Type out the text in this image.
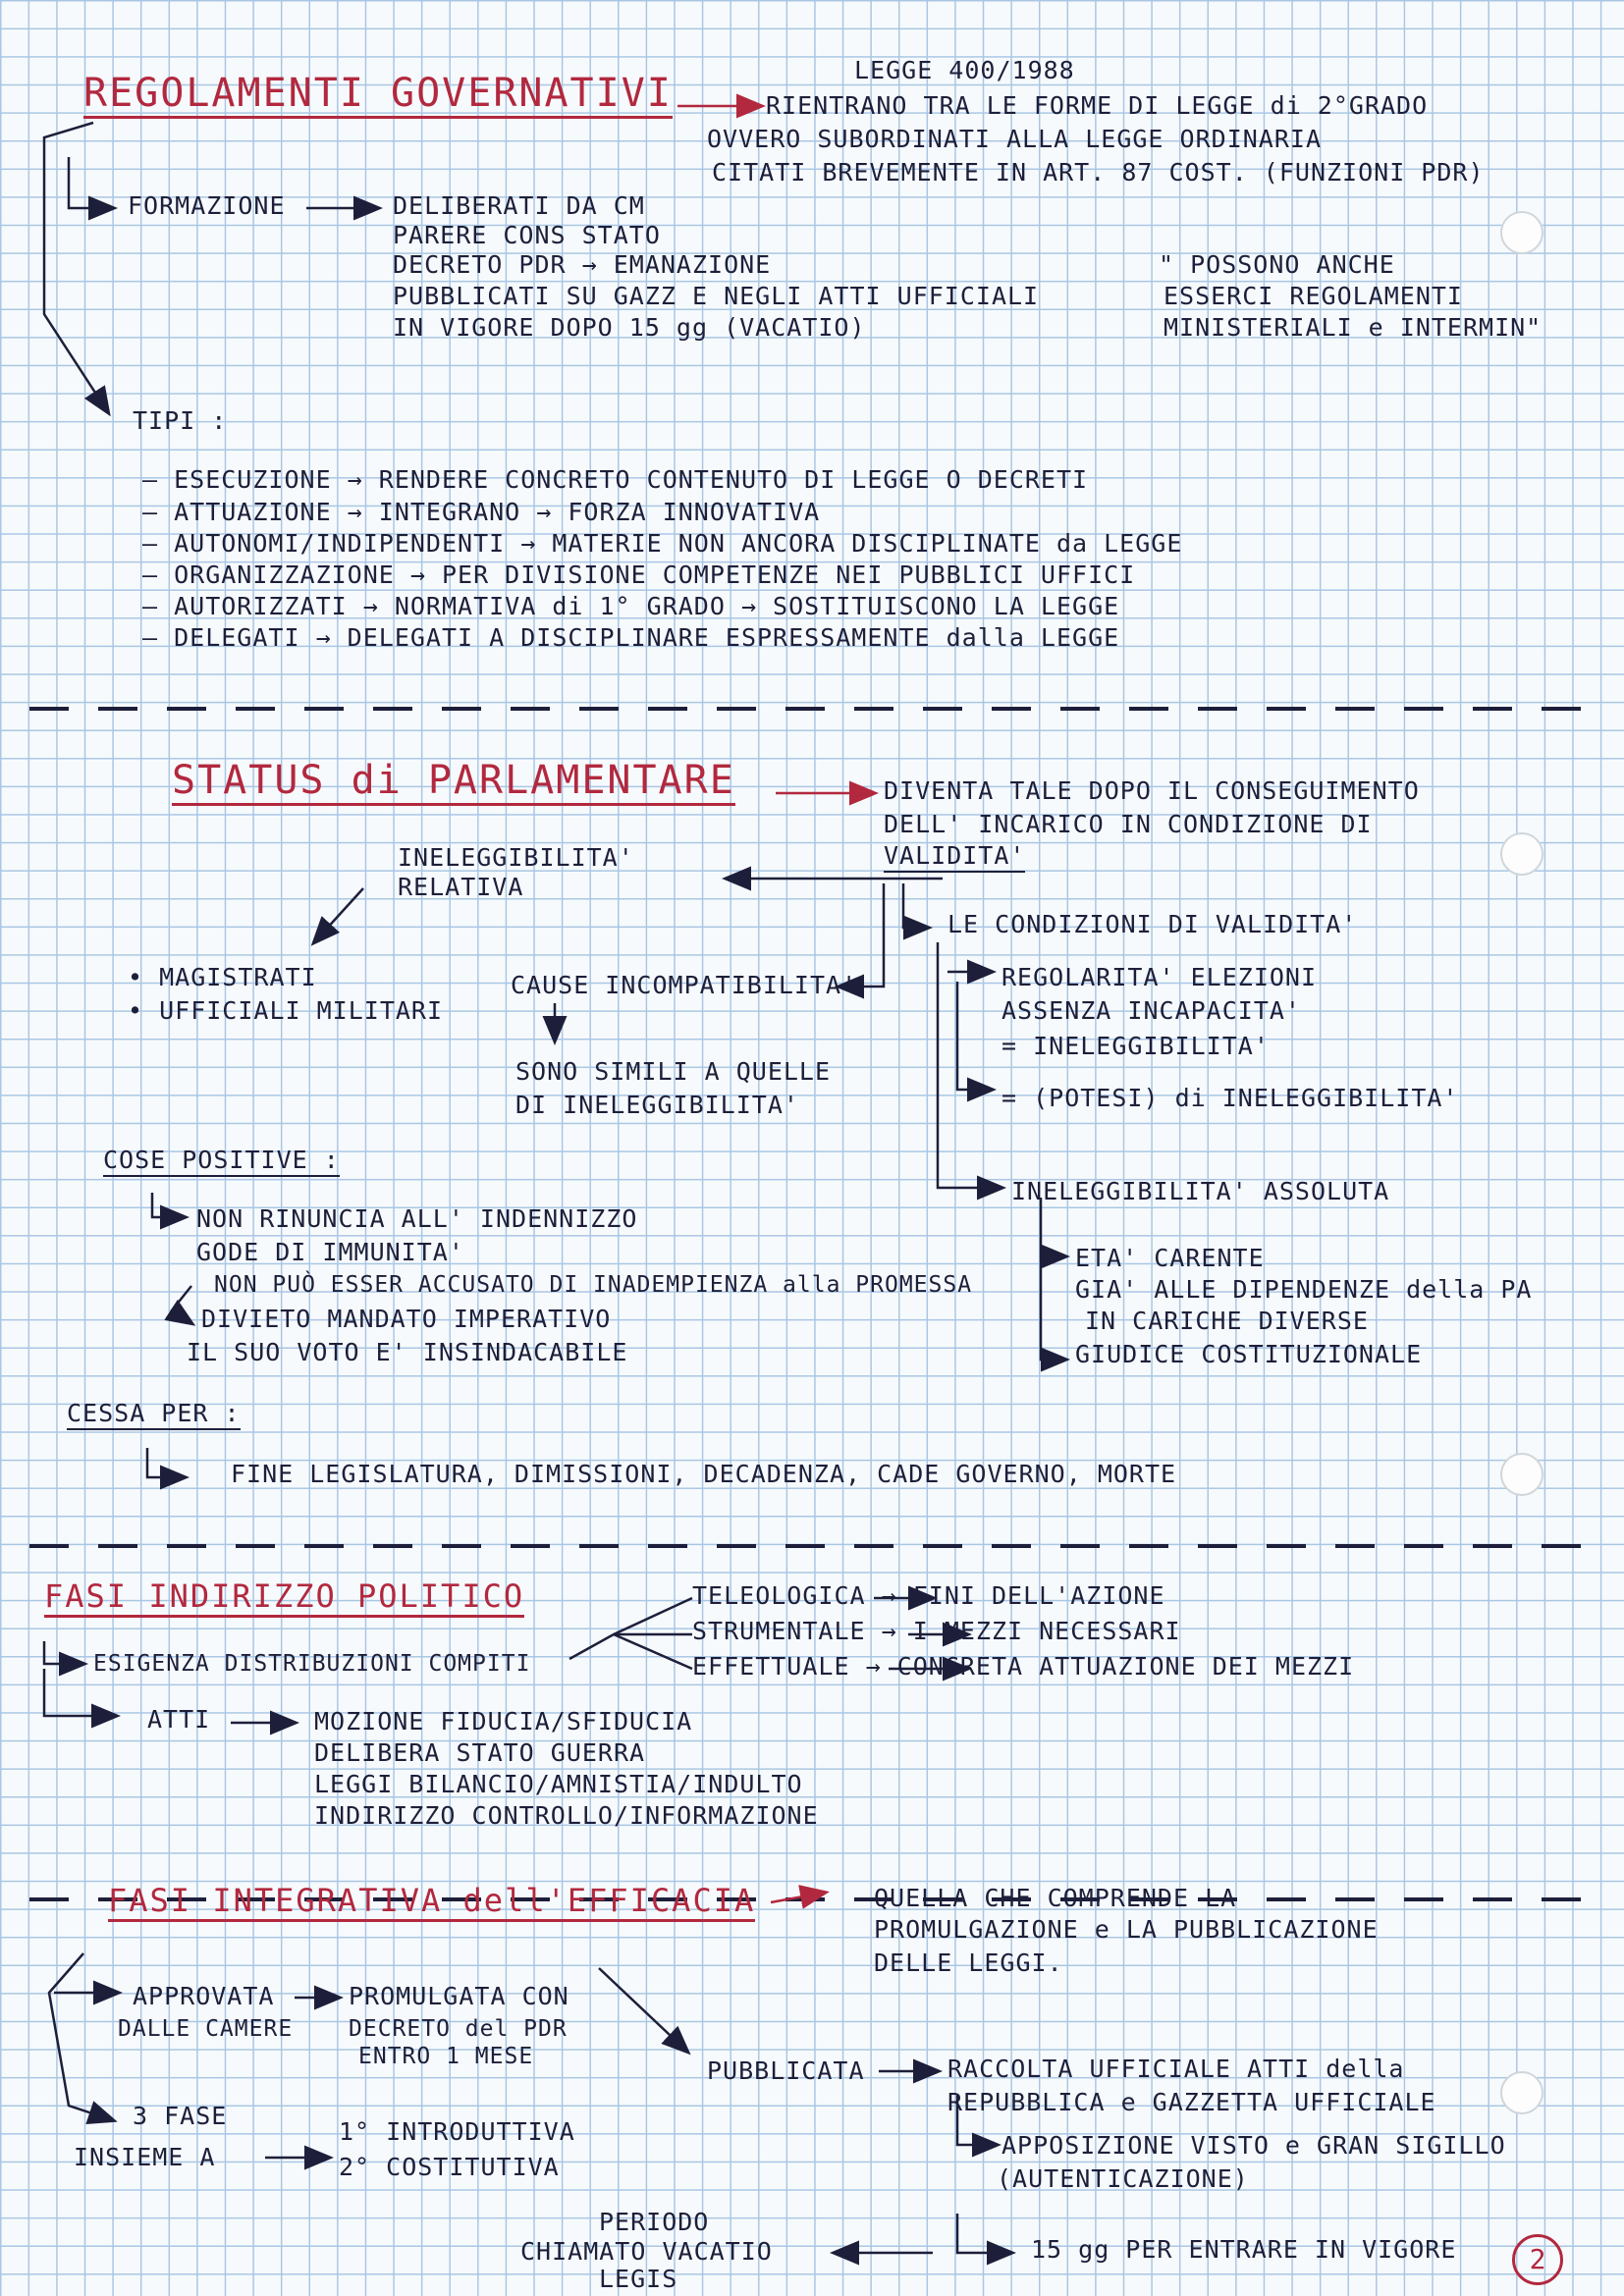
REGOLAMENTI GOVERNATIVI
LEGGE 400/1988
RIENTRANO TRA LE FORME DI LEGGE di 2°GRADO
OVVERO SUBORDINATI ALLA LEGGE ORDINARIA
CITATI BREVEMENTE IN ART. 87 COST. (FUNZIONI PDR)
FORMAZIONE	DELIBERATI DA CM
PARERE CONS STATO
DECRETO PDR → EMANAZIONE
PUBBLICATI SU GAZZ E NEGLI ATTI UFFICIALI
IN VIGORE DOPO 15 gg (VACATIO)
" POSSONO ANCHE
ESSERCI REGOLAMENTI
MINISTERIALI e INTERMIN"
TIPI :
— ESECUZIONE → RENDERE CONCRETO CONTENUTO DI LEGGE O DECRETI
— ATTUAZIONE → INTEGRANO → FORZA INNOVATIVA
— AUTONOMI/INDIPENDENTI → MATERIE NON ANCORA DISCIPLINATE da LEGGE
— ORGANIZZAZIONE → PER DIVISIONE COMPETENZE NEI PUBBLICI UFFICI
— AUTORIZZATI → NORMATIVA di 1° GRADO → SOSTITUISCONO LA LEGGE
— DELEGATI → DELEGATI A DISCIPLINARE ESPRESSAMENTE dalla LEGGE
STATUS di PARLAMENTARE	DIVENTA TALE DOPO IL CONSEGUIMENTO
DELL' INCARICO IN CONDIZIONE DI
VALIDITA'
INELEGGIBILITA'
RELATIVA
• MAGISTRATI
• UFFICIALI MILITARI
CAUSE INCOMPATIBILITA'
SONO SIMILI A QUELLE
DI INELEGGIBILITA'
LE CONDIZIONI DI VALIDITA'
REGOLARITA' ELEZIONI
ASSENZA INCAPACITA'
= INELEGGIBILITA'
= (POTESI) di INELEGGIBILITA'
INELEGGIBILITA' ASSOLUTA
ETA' CARENTE
GIA' ALLE DIPENDENZE della PA
IN CARICHE DIVERSE
GIUDICE COSTITUZIONALE
COSE POSITIVE :
NON RINUNCIA ALL' INDENNIZZO
GODE DI IMMUNITA'
NON PUÒ ESSER ACCUSATO DI INADEMPIENZA alla PROMESSA
DIVIETO MANDATO IMPERATIVO
IL SUO VOTO E' INSINDACABILE
CESSA PER :
FINE LEGISLATURA, DIMISSIONI, DECADENZA, CADE GOVERNO, MORTE
FASI INDIRIZZO POLITICO
ESIGENZA DISTRIBUZIONI COMPITI
TELEOLOGICA → FINI DELL'AZIONE
STRUMENTALE → I MEZZI NECESSARI
EFFETTUALE → CONCRETA ATTUAZIONE DEI MEZZI
ATTI	MOZIONE FIDUCIA/SFIDUCIA
DELIBERA STATO GUERRA
LEGGI BILANCIO/AMNISTIA/INDULTO
INDIRIZZO CONTROLLO/INFORMAZIONE
FASI INTEGRATIVA dell'EFFICACIA	QUELLA CHE COMPRENDE LA
PROMULGAZIONE e LA PUBBLICAZIONE
DELLE LEGGI.
APPROVATA
DALLE CAMERE
PROMULGATA CON
DECRETO del PDR
ENTRO 1 MESE	PUBBLICATA	RACCOLTA UFFICIALE ATTI della
REPUBBLICA e GAZZETTA UFFICIALE
APPOSIZIONE VISTO e GRAN SIGILLO
(AUTENTICAZIONE)
3 FASE
INSIEME A
1° INTRODUTTIVA
2° COSTITUTIVA
PERIODO
CHIAMATO VACATIO
LEGIS
15 gg PER ENTRARE IN VIGORE	2
